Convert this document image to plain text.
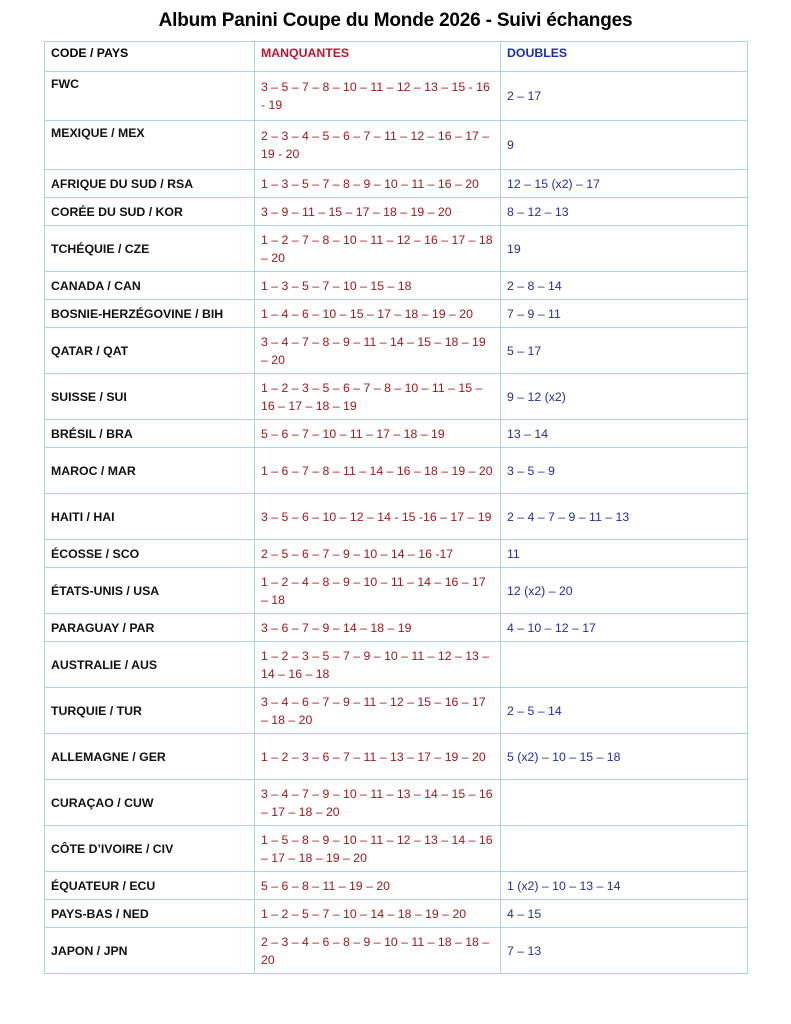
Album Panini Coupe du Monde 2026 - Suivi échanges
CODE / PAYS	MANQUANTES	DOUBLES
FWC	3 – 5 – 7 – 8 – 10 – 11 – 12 – 13 – 15 - 16 - 19	2 – 17
MEXIQUE / MEX	2 – 3 – 4 – 5 – 6 – 7 – 11 – 12 – 16 – 17 – 19 - 20	9
AFRIQUE DU SUD / RSA	1 – 3 – 5 – 7 – 8 – 9 – 10 – 11 – 16 – 20	12 – 15 (x2) – 17
CORÉE DU SUD / KOR	3 – 9 – 11 – 15 – 17 – 18 – 19 – 20	8 – 12 – 13
TCHÉQUIE / CZE	1 – 2 – 7 – 8 – 10 – 11 – 12 – 16 – 17 – 18 – 20	19
CANADA / CAN	1 – 3 – 5 – 7 – 10 – 15 – 18	2 – 8 – 14
BOSNIE-HERZÉGOVINE / BIH	1 – 4 – 6 – 10 – 15 – 17 – 18 – 19 – 20	7 – 9 – 11
QATAR / QAT	3 – 4 – 7 – 8 – 9 – 11 – 14 – 15 – 18 – 19 – 20	5 – 17
SUISSE / SUI	1 – 2 – 3 – 5 – 6 – 7 – 8 – 10 – 11 – 15 – 16 – 17 – 18 – 19	9 – 12 (x2)
BRÉSIL / BRA	5 – 6 – 7 – 10 – 11 – 17 – 18 – 19	13 – 14
MAROC / MAR	1 – 6 – 7 – 8 – 11 – 14 – 16 – 18 – 19 – 20	3 – 5 – 9
HAITI / HAI	3 – 5 – 6 – 10 – 12 – 14 - 15 -16 – 17 – 19	2 – 4 – 7 – 9 – 11 – 13
ÉCOSSE / SCO	2 – 5 – 6 – 7 – 9 – 10 – 14 – 16 -17	11
ÉTATS-UNIS / USA	1 – 2 – 4 – 8 – 9 – 10 – 11 – 14 – 16 – 17 – 18	12 (x2) – 20
PARAGUAY / PAR	3 – 6 – 7 – 9 – 14 – 18 – 19	4 – 10 – 12 – 17
AUSTRALIE / AUS	1 – 2 – 3 – 5 – 7 – 9 – 10 – 11 – 12 – 13 – 14 – 16 – 18	
TURQUIE / TUR	3 – 4 – 6 – 7 – 9 – 11 – 12 – 15 – 16 – 17 – 18 – 20	2 – 5 – 14
ALLEMAGNE / GER	1 – 2 – 3 – 6 – 7 – 11 – 13 – 17 – 19 – 20	5 (x2) – 10 – 15 – 18
CURAÇAO / CUW	3 – 4 – 7 – 9 – 10 – 11 – 13 – 14 – 15 – 16 – 17 – 18 – 20	
CÔTE D’IVOIRE / CIV	1 – 5 – 8 – 9 – 10 – 11 – 12 – 13 – 14 – 16 – 17 – 18 – 19 – 20	
ÉQUATEUR / ECU	5 – 6 – 8 – 11 – 19 – 20	1 (x2) – 10 – 13 – 14
PAYS-BAS / NED	1 – 2 – 5 – 7 – 10 – 14 – 18 – 19 – 20	4 – 15
JAPON / JPN	2 – 3 – 4 – 6 – 8 – 9 – 10 – 11 – 18 – 18 – 20	7 – 13
